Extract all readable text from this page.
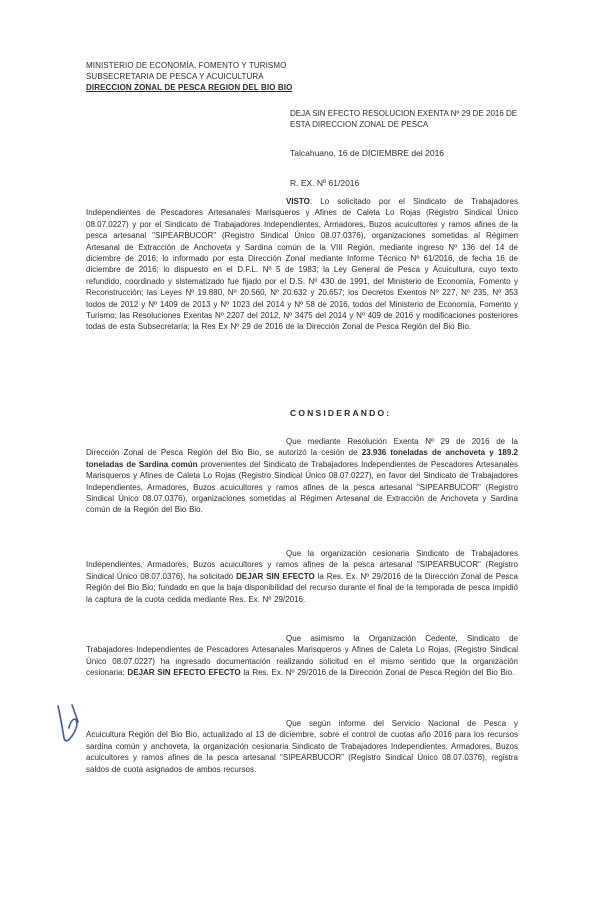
MINISTERIO DE ECONOMÍA, FOMENTO Y TURISMO
SUBSECRETARIA DE PESCA Y ACUICULTURA
DIRECCION ZONAL DE PESCA REGION DEL BIO BIO
DEJA SIN EFECTO RESOLUCION EXENTA Nº 29 DE 2016 DE ESTA DIRECCION ZONAL DE PESCA
Talcahuano, 16 de DICIEMBRE del 2016
R. EX. Nº 61/2016
VISTO: Lo solicitado por el Sindicato de Trabajadores Independientes de Pescadores Artesanales Marisqueros y Afines de Caleta Lo Rojas (Registro Sindical Único 08.07.0227) y por el Sindicato de Trabajadores Independientes, Armadores, Buzos acuicultores y ramos afines de la pesca artesanal "SIPEARBUCOR" (Registro Sindical Único 08.07.0376), organizaciones sometidas al Régimen Artesanal de Extracción de Anchoveta y Sardina común de la VIII Región, mediante ingreso Nº 136 del 14 de diciembre de 2016; lo informado por esta Dirección Zonal mediante Informe Técnico Nº 61/2016, de fecha 16 de diciembre de 2016; lo dispuesto en el D.F.L. Nº 5 de 1983; la Ley General de Pesca y Acuicultura, cuyo texto refundido, coordinado y sistematizado fue fijado por el D.S. Nº 430 de 1991, del Ministerio de Economía, Fomento y Reconstrucción; las Leyes Nº 19.880, Nº 20.560, Nº 20.632 y 20.657; los Decretos Exentos Nº 227, Nº 235, Nº 353 todos de 2012 y Nº 1409 de 2013 y Nº 1023 del 2014 y Nº 58 de 2016, todos del Ministerio de Economía, Fomento y Turismo; las Resoluciones Exentas Nº 2207 del 2012, Nº 3475 del 2014 y Nº 409 de 2016 y modificaciones posteriores todas de esta Subsecretaría; la Res Ex Nº 29 de 2016 de la Dirección Zonal de Pesca Región del Bio Bio.
CONSIDERANDO:
Que mediante Resolución Exenta Nº 29 de 2016 de la Dirección Zonal de Pesca Región del Bio Bio, se autorizó la cesión de 23.936 toneladas de anchoveta y 189.2 toneladas de Sardina común provenientes del Sindicato de Trabajadores Independientes de Pescadores Artesanales Marisqueros y Afines de Caleta Lo Rojas (Registro Sindical Único 08.07.0227), en favor del Sindicato de Trabajadores Independientes, Armadores, Buzos acuicultores y ramos afines de la pesca artesanal "SIPEARBUCOR" (Registro Sindical Único 08.07.0376), organizaciones sometidas al Régimen Artesanal de Extracción de Anchoveta y Sardina común de la Región del Bio Bio.
Que la organización cesionaria Sindicato de Trabajadores Independientes, Armadores, Buzos acuicultores y ramos afines de la pesca artesanal "SIPEARBUCOR" (Registro Sindical Único 08.07.0376), ha solicitado DEJAR SIN EFECTO la Res. Ex. Nº 29/2016 de la Dirección Zonal de Pesca Región del Bio Bio; fundado en que la baja disponibilidad del recurso durante el final de la temporada de pesca impidió la captura de la cuota cedida mediante Res. Ex. Nº 29/2016.
Que asimismo la Organización Cedente, Sindicato de Trabajadores Independientes de Pescadores Artesanales Marisqueros y Afines de Caleta Lo Rojas, (Registro Sindical Único 08.07.0227) ha ingresado documentación realizando solicitud en el mismo sentido que la organización cesionaria; DEJAR SIN EFECTO EFECTO la Res. Ex. Nº 29/2016 de la Dirección Zonal de Pesca Región del Bio Bio.
Que según informe del Servicio Nacional de Pesca y Acuicultura Región del Bio Bio, actualizado al 13 de diciembre, sobre el control de cuotas año 2016 para los recursos sardina común y anchoveta, la organización cesionaria Sindicato de Trabajadores Independientes, Armadores, Buzos acuicultores y ramos afines de la pesca artesanal "SIPEARBUCOR" (Registro Sindical Único 08.07.0376), registra saldos de cuota asignados de ambos recursos.
